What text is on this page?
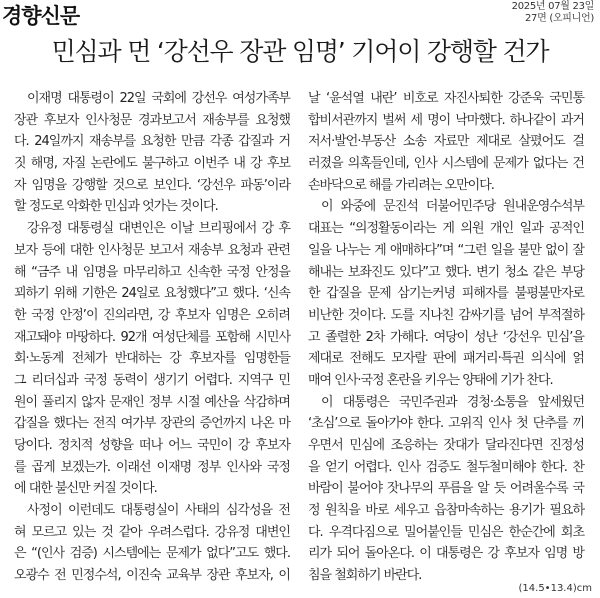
경향신문	2025년 07월 23일
27면 (오피니언)
민심과 먼 ‘강선우 장관 임명’ 기어이 강행할 건가
이재명 대통령이 22일 국회에 강선우 여성가족부
장관 후보자 인사청문 경과보고서 재송부를 요청했
다. 24일까지 재송부를 요청한 만큼 각종 갑질과 거
짓 해명, 자질 논란에도 불구하고 이번주 내 강 후보
자 임명을 강행할 것으로 보인다. ‘강선우 파동’이라
할 정도로 악화한 민심과 엇가는 것이다.
강유정 대통령실 대변인은 이날 브리핑에서 강 후
보자 등에 대한 인사청문 보고서 재송부 요청과 관련
해 “금주 내 임명을 마무리하고 신속한 국정 안정을
꾀하기 위해 기한은 24일로 요청했다”고 했다. ‘신속
한 국정 안정’이 진의라면, 강 후보자 임명은 오히려
재고돼야 마땅하다. 92개 여성단체를 포함해 시민사
회·노동계 전체가 반대하는 강 후보자를 임명한들
그 리더십과 국정 동력이 생기기 어렵다. 지역구 민
원이 풀리지 않자 문재인 정부 시절 예산을 삭감하며
갑질을 했다는 전직 여가부 장관의 증언까지 나온 마
당이다. 정치적 성향을 떠나 어느 국민이 강 후보자
를 곱게 보겠는가. 이래선 이재명 정부 인사와 국정
에 대한 불신만 커질 것이다.
사정이 이런데도 대통령실이 사태의 심각성을 전
혀 모르고 있는 것 같아 우려스럽다. 강유정 대변인
은 “(인사 검증) 시스템에는 문제가 없다”고도 했다.
오광수 전 민정수석, 이진숙 교육부 장관 후보자, 이
날 ‘윤석열 내란’ 비호로 자진사퇴한 강준욱 국민통
합비서관까지 벌써 세 명이 낙마했다. 하나같이 과거
저서·발언·부동산 소송 자료만 제대로 살폈어도 걸
러졌을 의혹들인데, 인사 시스템에 문제가 없다는 건
손바닥으로 해를 가리려는 오만이다.
이 와중에 문진석 더불어민주당 원내운영수석부
대표는 “의정활동이라는 게 의원 개인 일과 공적인
일을 나누는 게 애매하다”며 “그런 일을 불만 없이 잘
해내는 보좌진도 있다”고 했다. 변기 청소 같은 부당
한 갑질을 문제 삼기는커녕 피해자를 불평불만자로
비난한 것이다. 도를 지나친 감싸기를 넘어 부적절하
고 졸렬한 2차 가해다. 여당이 성난 ‘강선우 민심’을
제대로 전해도 모자랄 판에 패거리·특권 의식에 얽
매여 인사·국정 혼란을 키우는 양태에 기가 찬다.
이 대통령은 국민주권과 경청·소통을 앞세웠던
‘초심’으로 돌아가야 한다. 고위직 인사 첫 단추를 끼
우면서 민심에 조응하는 잣대가 달라진다면 진정성
을 얻기 어렵다. 인사 검증도 철두철미해야 한다. 찬
바람이 불어야 잣나무의 푸름을 알 듯 어려울수록 국
정 원칙을 바로 세우고 읍참마속하는 용기가 필요하
다. 우격다짐으로 밀어붙인들 민심은 한순간에 회초
리가 되어 돌아온다. 이 대통령은 강 후보자 임명 방
침을 철회하기 바란다.
(14.5•13.4)cm
